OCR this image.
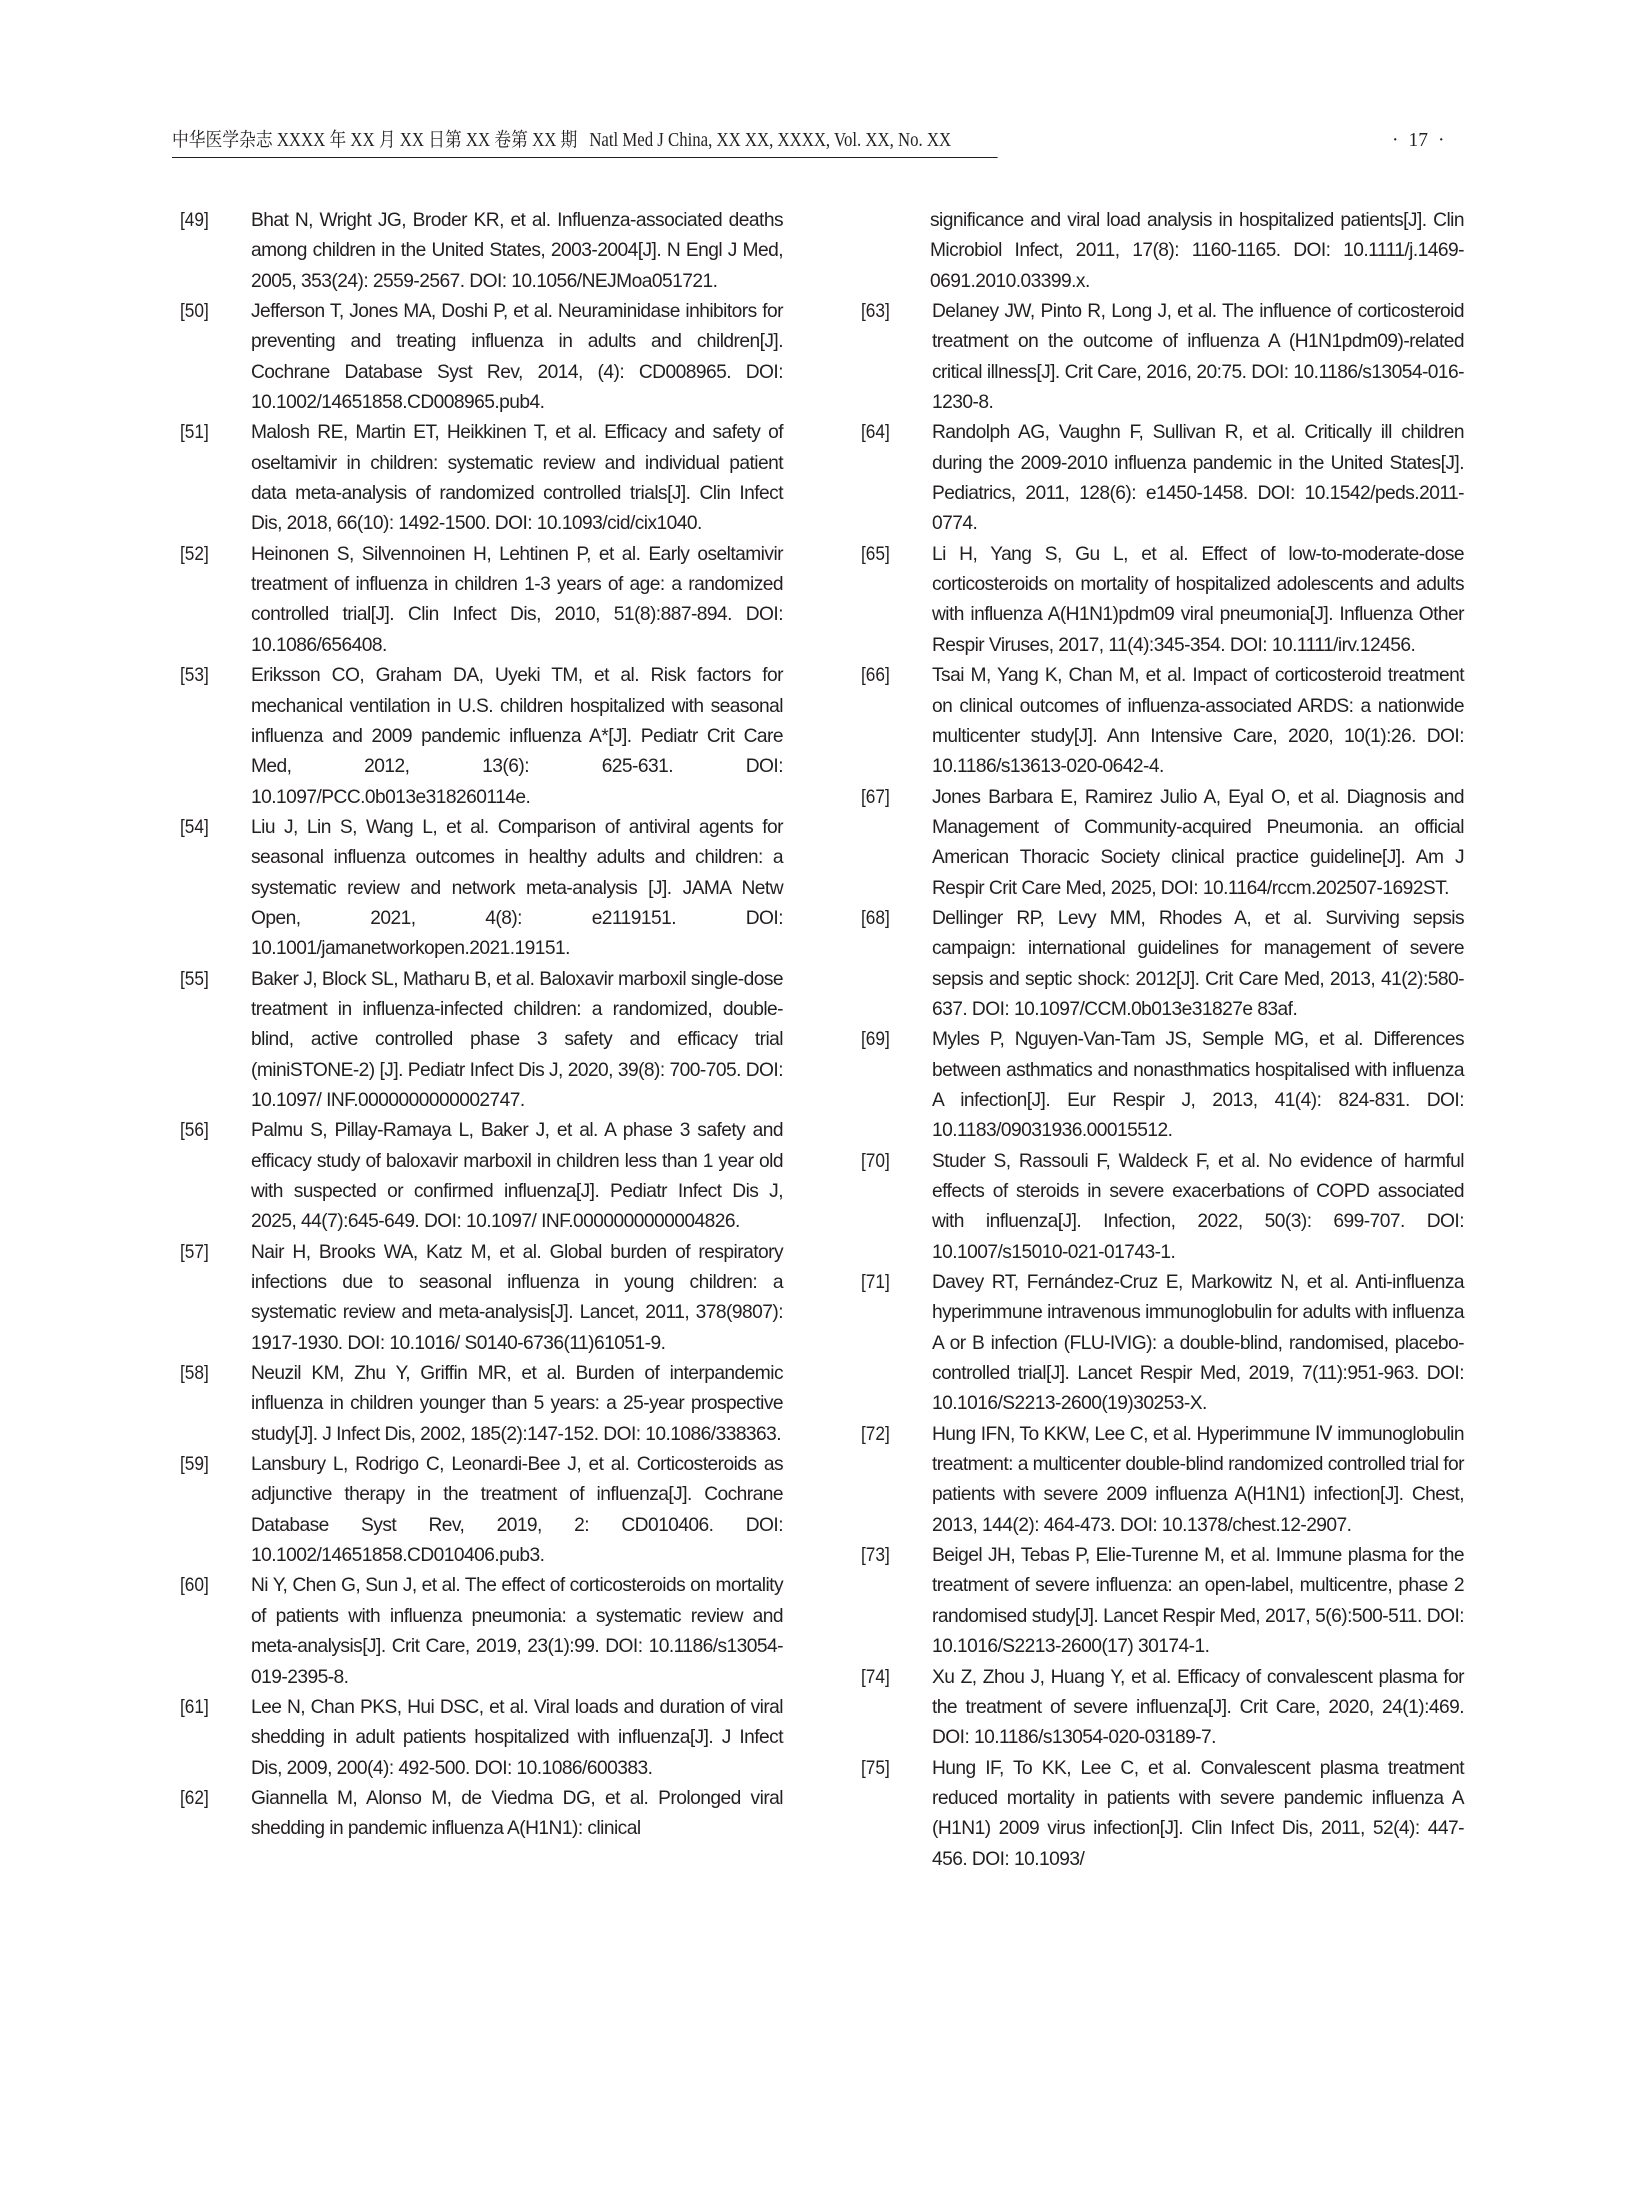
中华医学杂志 XXXX 年 XX 月 XX 日第 XX 卷第 XX 期 Natl Med J China, XX XX, XXXX, Vol. XX, No. XX	· 17 ·
[49] Bhat N, Wright JG, Broder KR, et al. Influenza-associated deaths among children in the United States, 2003-2004[J]. N Engl J Med, 2005, 353(24): 2559-2567. DOI: 10.1056/NEJMoa051721.
[50] Jefferson T, Jones MA, Doshi P, et al. Neuraminidase inhibitors for preventing and treating influenza in adults and children[J]. Cochrane Database Syst Rev, 2014, (4): CD008965. DOI: 10.1002/14651858.CD008965.pub4.
[51] Malosh RE, Martin ET, Heikkinen T, et al. Efficacy and safety of oseltamivir in children: systematic review and individual patient data meta-analysis of randomized controlled trials[J]. Clin Infect Dis, 2018, 66(10): 1492-1500. DOI: 10.1093/cid/cix1040.
[52] Heinonen S, Silvennoinen H, Lehtinen P, et al. Early oseltamivir treatment of influenza in children 1-3 years of age: a randomized controlled trial[J]. Clin Infect Dis, 2010, 51(8):887-894. DOI: 10.1086/656408.
[53] Eriksson CO, Graham DA, Uyeki TM, et al. Risk factors for mechanical ventilation in U.S. children hospitalized with seasonal influenza and 2009 pandemic influenza A*[J]. Pediatr Crit Care Med, 2012, 13(6): 625-631. DOI: 10.1097/PCC.0b013e318260114e.
[54] Liu J, Lin S, Wang L, et al. Comparison of antiviral agents for seasonal influenza outcomes in healthy adults and children: a systematic review and network meta-analysis [J]. JAMA Netw Open, 2021, 4(8): e2119151. DOI: 10.1001/jamanetworkopen.2021.19151.
[55] Baker J, Block SL, Matharu B, et al. Baloxavir marboxil single-dose treatment in influenza-infected children: a randomized, double-blind, active controlled phase 3 safety and efficacy trial (miniSTONE-2) [J]. Pediatr Infect Dis J, 2020, 39(8): 700-705. DOI: 10.1097/ INF.0000000000002747.
[56] Palmu S, Pillay-Ramaya L, Baker J, et al. A phase 3 safety and efficacy study of baloxavir marboxil in children less than 1 year old with suspected or confirmed influenza[J]. Pediatr Infect Dis J, 2025, 44(7):645-649. DOI: 10.1097/ INF.0000000000004826.
[57] Nair H, Brooks WA, Katz M, et al. Global burden of respiratory infections due to seasonal influenza in young children: a systematic review and meta-analysis[J]. Lancet, 2011, 378(9807): 1917-1930. DOI: 10.1016/ S0140-6736(11)61051-9.
[58] Neuzil KM, Zhu Y, Griffin MR, et al. Burden of interpandemic influenza in children younger than 5 years: a 25-year prospective study[J]. J Infect Dis, 2002, 185(2):147-152. DOI: 10.1086/338363.
[59] Lansbury L, Rodrigo C, Leonardi-Bee J, et al. Corticosteroids as adjunctive therapy in the treatment of influenza[J]. Cochrane Database Syst Rev, 2019, 2: CD010406. DOI: 10.1002/14651858.CD010406.pub3.
[60] Ni Y, Chen G, Sun J, et al. The effect of corticosteroids on mortality of patients with influenza pneumonia: a systematic review and meta-analysis[J]. Crit Care, 2019, 23(1):99. DOI: 10.1186/s13054-019-2395-8.
[61] Lee N, Chan PKS, Hui DSC, et al. Viral loads and duration of viral shedding in adult patients hospitalized with influenza[J]. J Infect Dis, 2009, 200(4): 492-500. DOI: 10.1086/600383.
[62] Giannella M, Alonso M, de Viedma DG, et al. Prolonged viral shedding in pandemic influenza A(H1N1): clinical
significance and viral load analysis in hospitalized patients[J]. Clin Microbiol Infect, 2011, 17(8): 1160-1165. DOI: 10.1111/j.1469-0691.2010.03399.x.
[63] Delaney JW, Pinto R, Long J, et al. The influence of corticosteroid treatment on the outcome of influenza A (H1N1pdm09)-related critical illness[J]. Crit Care, 2016, 20:75. DOI: 10.1186/s13054-016-1230-8.
[64] Randolph AG, Vaughn F, Sullivan R, et al. Critically ill children during the 2009-2010 influenza pandemic in the United States[J]. Pediatrics, 2011, 128(6): e1450-1458. DOI: 10.1542/peds.2011-0774.
[65] Li H, Yang S, Gu L, et al. Effect of low-to-moderate-dose corticosteroids on mortality of hospitalized adolescents and adults with influenza A(H1N1)pdm09 viral pneumonia[J]. Influenza Other Respir Viruses, 2017, 11(4):345-354. DOI: 10.1111/irv.12456.
[66] Tsai M, Yang K, Chan M, et al. Impact of corticosteroid treatment on clinical outcomes of influenza-associated ARDS: a nationwide multicenter study[J]. Ann Intensive Care, 2020, 10(1):26. DOI: 10.1186/s13613-020-0642-4.
[67] Jones Barbara E, Ramirez Julio A, Eyal O, et al. Diagnosis and Management of Community-acquired Pneumonia. an official American Thoracic Society clinical practice guideline[J]. Am J Respir Crit Care Med, 2025, DOI: 10.1164/rccm.202507-1692ST.
[68] Dellinger RP, Levy MM, Rhodes A, et al. Surviving sepsis campaign: international guidelines for management of severe sepsis and septic shock: 2012[J]. Crit Care Med, 2013, 41(2):580-637. DOI: 10.1097/CCM.0b013e31827e 83af.
[69] Myles P, Nguyen-Van-Tam JS, Semple MG, et al. Differences between asthmatics and nonasthmatics hospitalised with influenza A infection[J]. Eur Respir J, 2013, 41(4): 824-831. DOI: 10.1183/09031936.00015512.
[70] Studer S, Rassouli F, Waldeck F, et al. No evidence of harmful effects of steroids in severe exacerbations of COPD associated with influenza[J]. Infection, 2022, 50(3): 699-707. DOI: 10.1007/s15010-021-01743-1.
[71] Davey RT, Fernández-Cruz E, Markowitz N, et al. Anti-influenza hyperimmune intravenous immunoglobulin for adults with influenza A or B infection (FLU-IVIG): a double-blind, randomised, placebo-controlled trial[J]. Lancet Respir Med, 2019, 7(11):951-963. DOI: 10.1016/S2213-2600(19)30253-X.
[72] Hung IFN, To KKW, Lee C, et al. Hyperimmune Ⅳ immunoglobulin treatment: a multicenter double-blind randomized controlled trial for patients with severe 2009 influenza A(H1N1) infection[J]. Chest, 2013, 144(2): 464-473. DOI: 10.1378/chest.12-2907.
[73] Beigel JH, Tebas P, Elie-Turenne M, et al. Immune plasma for the treatment of severe influenza: an open-label, multicentre, phase 2 randomised study[J]. Lancet Respir Med, 2017, 5(6):500-511. DOI: 10.1016/S2213-2600(17) 30174-1.
[74] Xu Z, Zhou J, Huang Y, et al. Efficacy of convalescent plasma for the treatment of severe influenza[J]. Crit Care, 2020, 24(1):469. DOI: 10.1186/s13054-020-03189-7.
[75] Hung IF, To KK, Lee C, et al. Convalescent plasma treatment reduced mortality in patients with severe pandemic influenza A (H1N1) 2009 virus infection[J]. Clin Infect Dis, 2011, 52(4): 447-456. DOI: 10.1093/
